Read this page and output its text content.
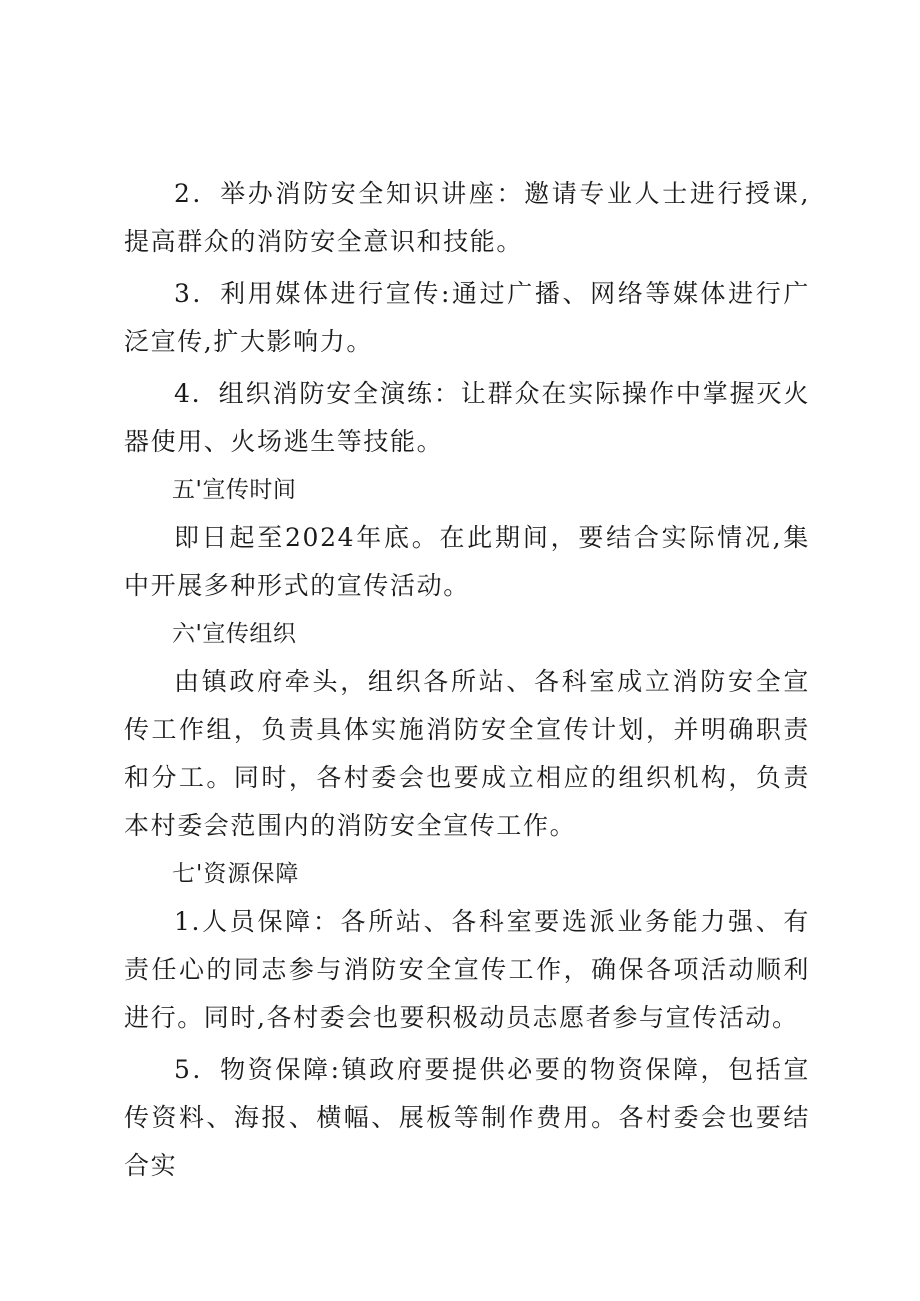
2．举办消防安全知识讲座：邀请专业人士进行授课,提高群众的消防安全意识和技能。

3．利用媒体进行宣传:通过广播、网络等媒体进行广泛宣传,扩大影响力。

4．组织消防安全演练：让群众在实际操作中掌握灭火器使用、火场逃生等技能。

五'宣传时间

即日起至2024年底。在此期间，要结合实际情况,集中开展多种形式的宣传活动。

六'宣传组织

由镇政府牵头，组织各所站、各科室成立消防安全宣传工作组，负责具体实施消防安全宣传计划，并明确职责和分工。同时，各村委会也要成立相应的组织机构，负责本村委会范围内的消防安全宣传工作。

七'资源保障

1.人员保障：各所站、各科室要选派业务能力强、有责任心的同志参与消防安全宣传工作，确保各项活动顺利进行。同时,各村委会也要积极动员志愿者参与宣传活动。

5．物资保障:镇政府要提供必要的物资保障，包括宣传资料、海报、横幅、展板等制作费用。各村委会也要结合实
